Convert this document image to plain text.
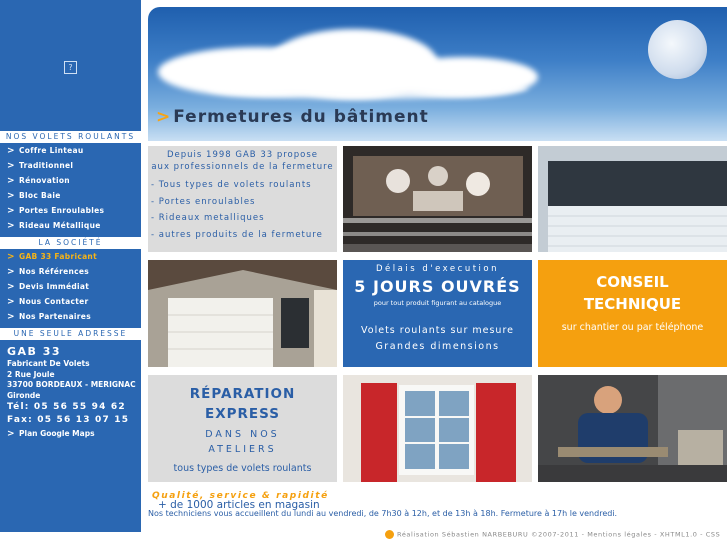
?
NOS VOLETS ROULANTS
> Coffre Linteau
> Traditionnel
> Rénovation
> Bloc Baie
> Portes Enroulables
> Rideau Métallique
LA SOCIÉTÉ
> GAB 33 Fabricant
> Nos Références
> Devis Immédiat
> Nous Contacter
> Nos Partenaires
UNE SEULE ADRESSE
GAB 33
Fabricant De Volets
2 Rue Joule
33700 BORDEAUX - MERIGNAC
Gironde
Tél: 05 56 55 94 62
Fax: 05 56 13 07 15
> Plan Google Maps
> Fermetures du bâtiment
Depuis 1998 GAB 33 propose
aux professionnels de la fermeture
- Tous types de volets roulants
- Portes enroulables
- Rideaux metalliques
- autres produits de la fermeture
Délais d'execution
5 JOURS OUVRÉS
pour tout produit figurant au catalogue
Volets roulants sur mesure
Grandes dimensions
CONSEIL
TECHNIQUE
sur chantier ou par téléphone
RÉPARATION
EXPRESS
DANS NOS
ATELIERS
tous types de volets roulants
Qualité, service & rapidité
+ de 1000 articles en magasin
Nos techniciens vous accueillent du lundi au vendredi, de 7h30 à 12h, et de 13h à 18h. Fermeture à 17h le vendredi.
Réalisation Sébastien NARBEBURU ©2007-2011 - Mentions légales - XHTML1.0 - CSS
